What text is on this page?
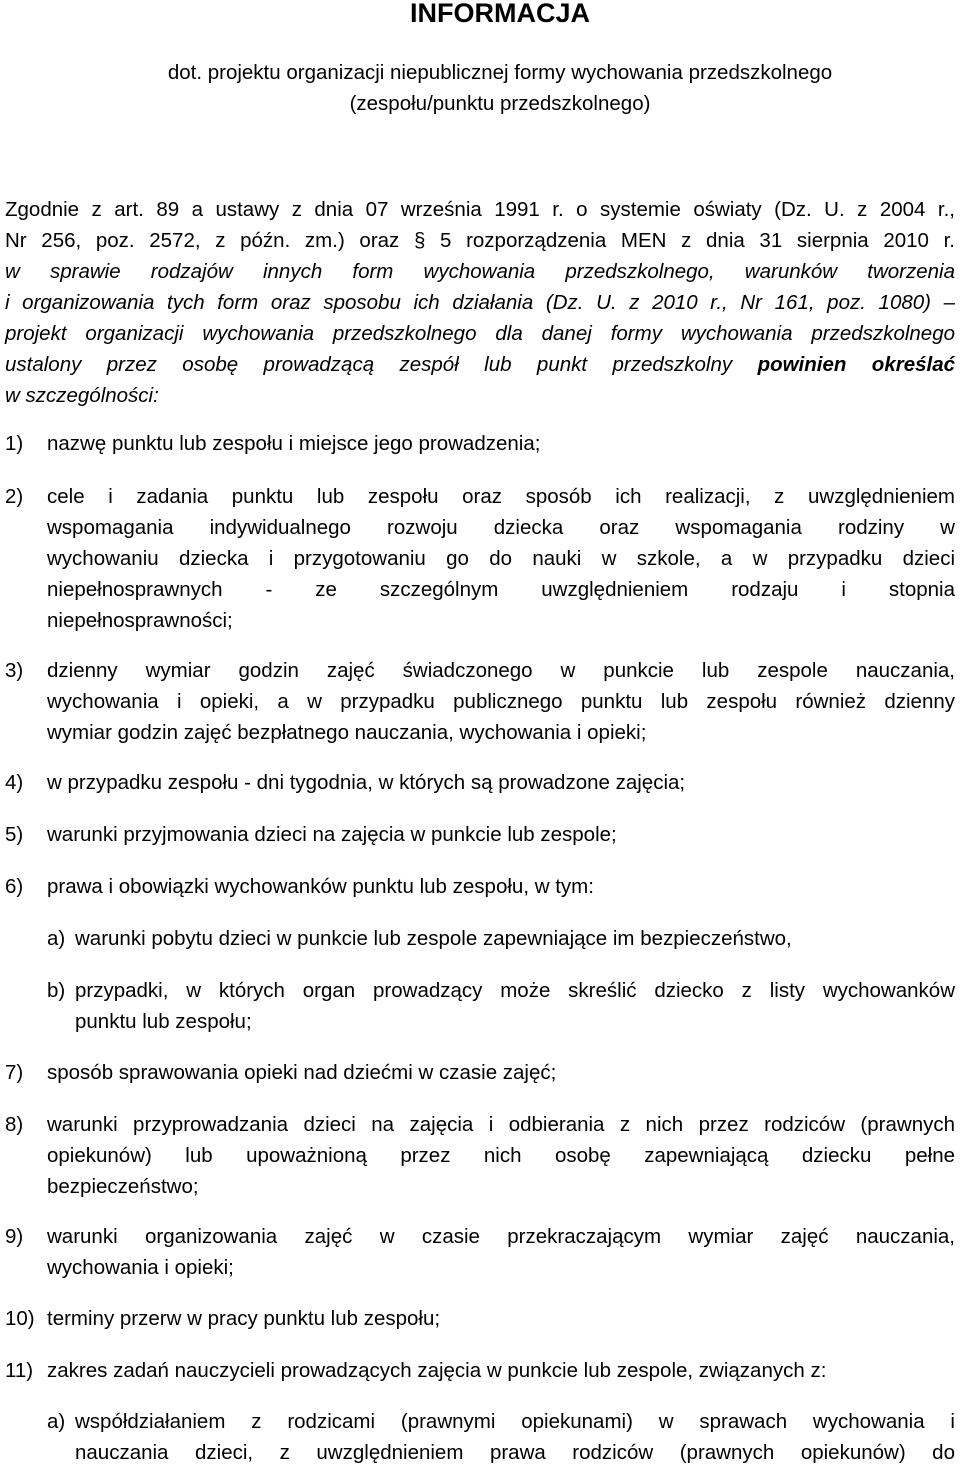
INFORMACJA
dot. projektu organizacji niepublicznej formy wychowania przedszkolnego
(zespołu/punktu przedszkolnego)
Zgodnie z art. 89 a ustawy z dnia 07 września 1991 r. o systemie oświaty (Dz. U. z 2004 r.,
Nr 256, poz. 2572, z późn. zm.) oraz § 5 rozporządzenia MEN z dnia 31 sierpnia 2010 r.
w sprawie rodzajów innych form wychowania przedszkolnego, warunków tworzenia
i organizowania tych form oraz sposobu ich działania (Dz. U. z 2010 r., Nr 161, poz. 1080) –
projekt organizacji wychowania przedszkolnego dla danej formy wychowania przedszkolnego
ustalony przez osobę prowadzącą zespół lub punkt przedszkolny powinien określać
w szczególności:
1) nazwę punktu lub zespołu i miejsce jego prowadzenia;
2) cele i zadania punktu lub zespołu oraz sposób ich realizacji, z uwzględnieniem
wspomagania indywidualnego rozwoju dziecka oraz wspomagania rodziny w
wychowaniu dziecka i przygotowaniu go do nauki w szkole, a w przypadku dzieci
niepełnosprawnych - ze szczególnym uwzględnieniem rodzaju i stopnia
niepełnosprawności;
3) dzienny wymiar godzin zajęć świadczonego w punkcie lub zespole nauczania,
wychowania i opieki, a w przypadku publicznego punktu lub zespołu również dzienny
wymiar godzin zajęć bezpłatnego nauczania, wychowania i opieki;
4) w przypadku zespołu - dni tygodnia, w których są prowadzone zajęcia;
5) warunki przyjmowania dzieci na zajęcia w punkcie lub zespole;
6) prawa i obowiązki wychowanków punktu lub zespołu, w tym:
a) warunki pobytu dzieci w punkcie lub zespole zapewniające im bezpieczeństwo,
b) przypadki, w których organ prowadzący może skreślić dziecko z listy wychowanków
punktu lub zespołu;
7) sposób sprawowania opieki nad dziećmi w czasie zajęć;
8) warunki przyprowadzania dzieci na zajęcia i odbierania z nich przez rodziców (prawnych
opiekunów) lub upoważnioną przez nich osobę zapewniającą dziecku pełne
bezpieczeństwo;
9) warunki organizowania zajęć w czasie przekraczającym wymiar zajęć nauczania,
wychowania i opieki;
10) terminy przerw w pracy punktu lub zespołu;
11) zakres zadań nauczycieli prowadzących zajęcia w punkcie lub zespole, związanych z:
a) współdziałaniem z rodzicami (prawnymi opiekunami) w sprawach wychowania i
nauczania dzieci, z uwzględnieniem prawa rodziców (prawnych opiekunów) do
